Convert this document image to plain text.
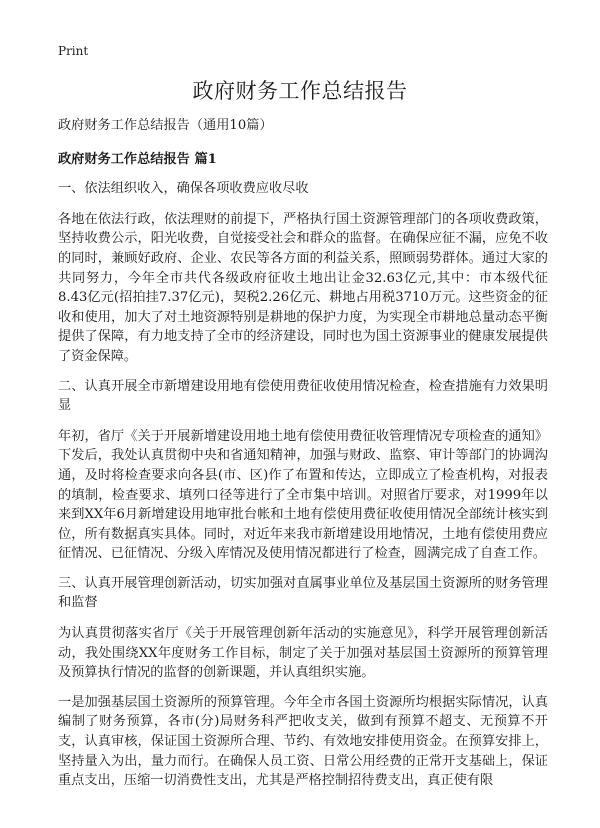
Print
政府财务工作总结报告

政府财务工作总结报告（通用10篇）

政府财务工作总结报告 篇1

一、依法组织收入，确保各项收费应收尽收

各地在依法行政，依法理财的前提下，严格执行国土资源管理部门的各项收费政策，坚持收费公示，阳光收费，自觉接受社会和群众的监督。在确保应征不漏，应免不收的同时，兼顾好政府、企业、农民等各方面的利益关系，照顾弱势群体。通过大家的共同努力，今年全市共代各级政府征收土地出让金32.63亿元,其中：市本级代征8.43亿元(招拍挂7.37亿元)，契税2.26亿元、耕地占用税3710万元。这些资金的征收和使用，加大了对土地资源特别是耕地的保护力度，为实现全市耕地总量动态平衡提供了保障，有力地支持了全市的经济建设，同时也为国土资源事业的健康发展提供了资金保障。

二、认真开展全市新增建设用地有偿使用费征收使用情况检查，检查措施有力效果明显

年初，省厅《关于开展新增建设用地土地有偿使用费征收管理情况专项检查的通知》下发后，我处认真贯彻中央和省通知精神，加强与财政、监察、审计等部门的协调沟通，及时将检查要求向各县(市、区)作了布置和传达，立即成立了检查机构，对报表的填制，检查要求、填列口径等进行了全市集中培训。对照省厅要求，对1999年以来到XX年6月新增建设用地审批台帐和土地有偿使用费征收使用情况全部统计核实到位，所有数据真实具体。同时，对近年来我市新增建设用地情况，土地有偿使用费应征情况、已征情况、分级入库情况及使用情况都进行了检查，圆满完成了自查工作。

三、认真开展管理创新活动，切实加强对直属事业单位及基层国土资源所的财务管理和监督

为认真贯彻落实省厅《关于开展管理创新年活动的实施意见》，科学开展管理创新活动，我处围绕XX年度财务工作目标，制定了关于加强对基层国土资源所的预算管理及预算执行情况的监督的创新课题，并认真组织实施。

一是加强基层国土资源所的预算管理。今年全市各国土资源所均根据实际情况，认真编制了财务预算，各市(分)局财务科严把收支关，做到有预算不超支、无预算不开支，认真审核，保证国土资源所合理、节约、有效地安排使用资金。在预算安排上，坚持量入为出，量力而行。在确保人员工资、日常公用经费的正常开支基础上，保证重点支出，压缩一切消费性支出，尤其是严格控制招待费支出，真正使有限
